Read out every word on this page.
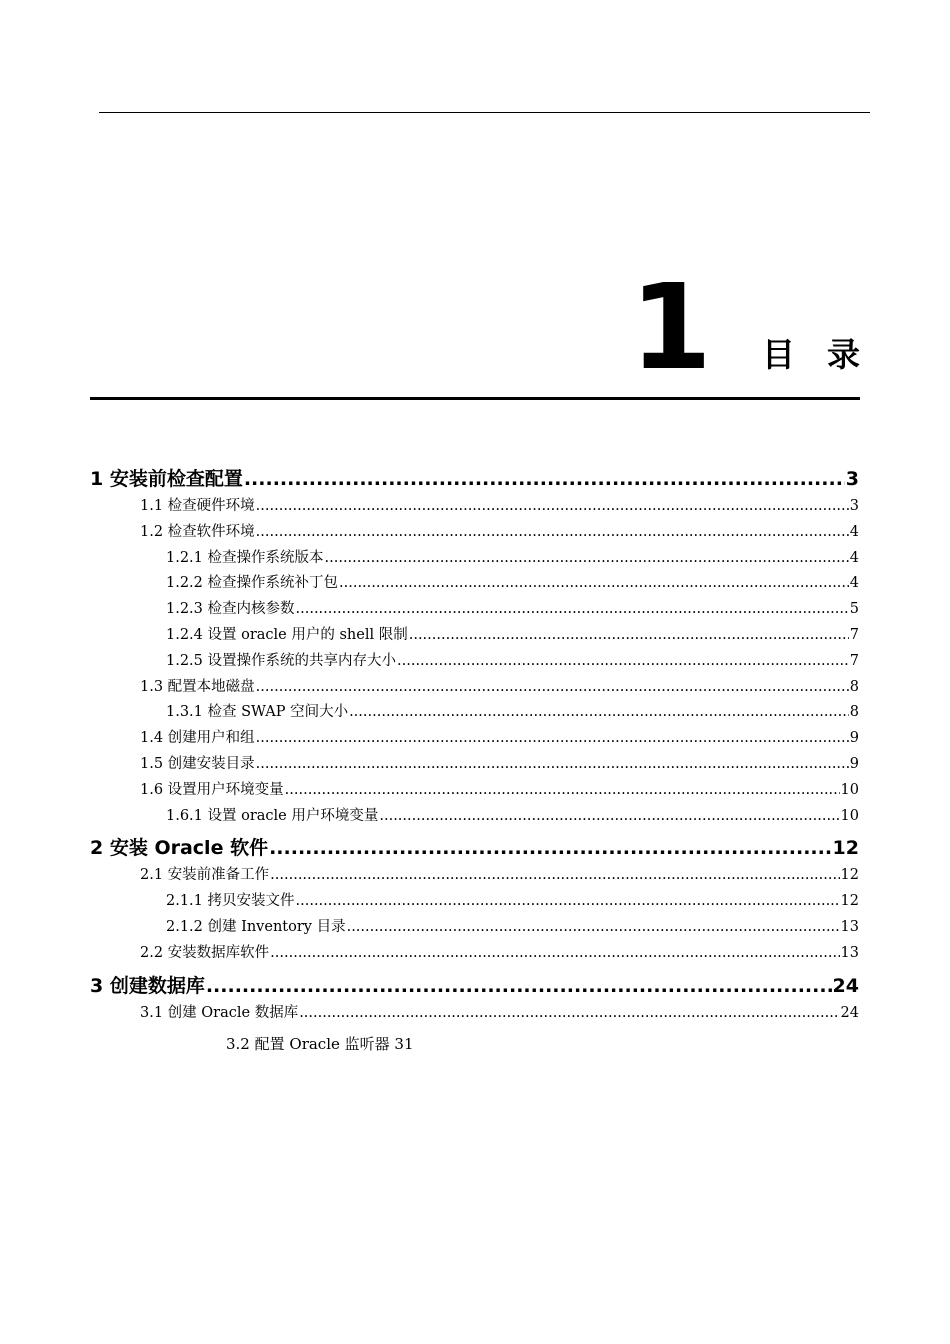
1 目录
1 安装前检查配置 .....	3
1.1 检查硬件环境 .....	3
1.2 检查软件环境 .....	4
1.2.1 检查操作系统版本 .....	4
1.2.2 检查操作系统补丁包 .....	4
1.2.3 检查内核参数 .....	5
1.2.4 设置 oracle 用户的 shell 限制 .....	7
1.2.5 设置操作系统的共享内存大小 .....	7
1.3 配置本地磁盘 .....	8
1.3.1 检查 SWAP 空间大小 .....	8
1.4 创建用户和组 .....	9
1.5 创建安装目录 .....	9
1.6 设置用户环境变量 .....	10
1.6.1 设置 oracle 用户环境变量 .....	10
2 安装 Oracle 软件 .....	12
2.1 安装前准备工作 .....	12
2.1.1 拷贝安装文件 .....	12
2.1.2 创建 Inventory 目录 .....	13
2.2 安装数据库软件 .....	13
3 创建数据库 .....	24
3.1 创建 Oracle 数据库 .....	24
3.2 配置 Oracle 监听器 31
